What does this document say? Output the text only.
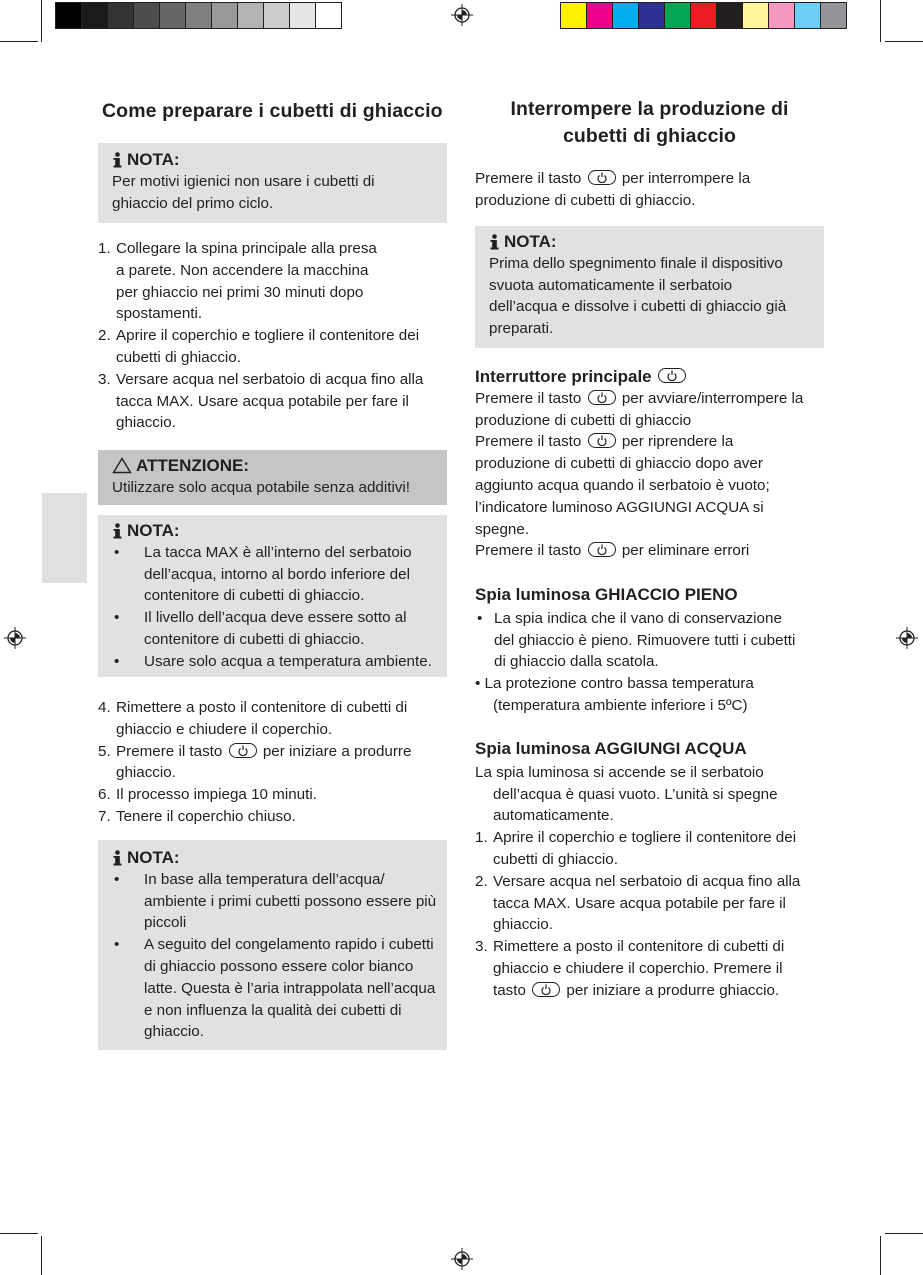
Come preparare i cubetti di ghiaccio
NOTA:
Per motivi igienici non usare i cubetti di
ghiaccio del primo ciclo.
1. Collegare la spina principale alla presa
a parete. Non accendere la macchina
per ghiaccio nei primi 30 minuti dopo
spostamenti.
2. Aprire il coperchio e togliere il contenitore dei
cubetti di ghiaccio.
3. Versare acqua nel serbatoio di acqua fino alla
tacca MAX. Usare acqua potabile per fare il
ghiaccio.
ATTENZIONE:
Utilizzare solo acqua potabile senza additivi!
NOTA:
• La tacca MAX è all’interno del serbatoio
dell’acqua, intorno al bordo inferiore del
contenitore di cubetti di ghiaccio.
• Il livello dell’acqua deve essere sotto al
contenitore di cubetti di ghiaccio.
• Usare solo acqua a temperatura ambiente.
4. Rimettere a posto il contenitore di cubetti di
ghiaccio e chiudere il coperchio.
5. Premere il tasto	per iniziare a produrre
ghiaccio.
6. Il processo impiega 10 minuti.
7. Tenere il coperchio chiuso.
NOTA:
• In base alla temperatura dell’acqua/
ambiente i primi cubetti possono essere più
piccoli
• A seguito del congelamento rapido i cubetti
di ghiaccio possono essere color bianco
latte. Questa è l’aria intrappolata nell’acqua
e non influenza la qualità dei cubetti di
ghiaccio.
Interrompere la produzione di
cubetti di ghiaccio
Premere il tasto	per interrompere la
produzione di cubetti di ghiaccio.
NOTA:
Prima dello spegnimento finale il dispositivo
svuota automaticamente il serbatoio
dell’acqua e dissolve i cubetti di ghiaccio già
preparati.
Interruttore principale
Premere il tasto	per avviare/interrompere la
produzione di cubetti di ghiaccio
Premere il tasto	per riprendere la
produzione di cubetti di ghiaccio dopo aver
aggiunto acqua quando il serbatoio è vuoto;
l’indicatore luminoso AGGIUNGI ACQUA si
spegne.
Premere il tasto	per eliminare errori
Spia luminosa GHIACCIO PIENO
• La spia indica che il vano di conservazione
del ghiaccio è pieno. Rimuovere tutti i cubetti
di ghiaccio dalla scatola.
• La protezione contro bassa temperatura
(temperatura ambiente inferiore i 5ºC)
Spia luminosa AGGIUNGI ACQUA
La spia luminosa si accende se il serbatoio
dell’acqua è quasi vuoto. L’unità si spegne
automaticamente.
1. Aprire il coperchio e togliere il contenitore dei
cubetti di ghiaccio.
2. Versare acqua nel serbatoio di acqua fino alla
tacca MAX. Usare acqua potabile per fare il
ghiaccio.
3. Rimettere a posto il contenitore di cubetti di
ghiaccio e chiudere il coperchio. Premere il
tasto	per iniziare a produrre ghiaccio.
